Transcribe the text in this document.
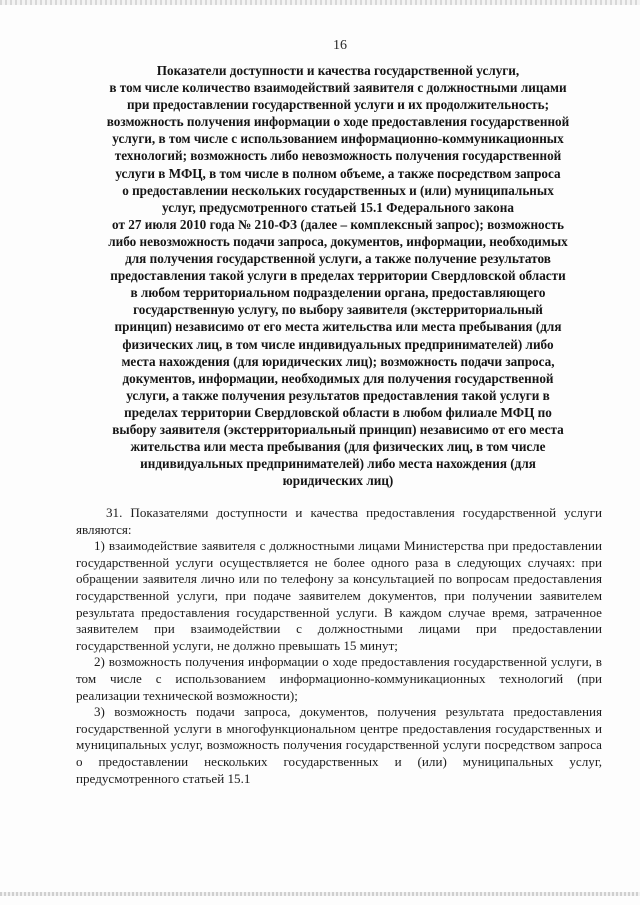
16
Показатели доступности и качества государственной услуги,
в том числе количество взаимодействий заявителя с должностными лицами
при предоставлении государственной услуги и их продолжительность;
возможность получения информации о ходе предоставления государственной
услуги, в том числе с использованием информационно-коммуникационных
технологий; возможность либо невозможность получения государственной
услуги в МФЦ, в том числе в полном объеме, а также посредством запроса
о предоставлении нескольких государственных и (или) муниципальных
услуг, предусмотренного статьей 15.1 Федерального закона
от 27 июля 2010 года № 210-ФЗ (далее – комплексный запрос); возможность
либо невозможность подачи запроса, документов, информации, необходимых
для получения государственной услуги, а также получение результатов
предоставления такой услуги в пределах территории Свердловской области
в любом территориальном подразделении органа, предоставляющего
государственную услугу, по выбору заявителя (экстерриториальный
принцип) независимо от его места жительства или места пребывания (для
физических лиц, в том числе индивидуальных предпринимателей) либо
места нахождения (для юридических лиц); возможность подачи запроса,
документов, информации, необходимых для получения государственной
услуги, а также получения результатов предоставления такой услуги в
пределах территории Свердловской области в любом филиале МФЦ по
выбору заявителя (экстерриториальный принцип) независимо от его места
жительства или места пребывания (для физических лиц, в том числе
индивидуальных предпринимателей) либо места нахождения (для
юридических лиц)

31. Показателями доступности и качества предоставления государственной услуги являются:

1) взаимодействие заявителя с должностными лицами Министерства при предоставлении государственной услуги осуществляется не более одного раза в следующих случаях: при обращении заявителя лично или по телефону за консультацией по вопросам предоставления государственной услуги, при подаче заявителем документов, при получении заявителем результата предоставления государственной услуги. В каждом случае время, затраченное заявителем при взаимодействии с должностными лицами при предоставлении государственной услуги, не должно превышать 15 минут;

2) возможность получения информации о ходе предоставления государственной услуги, в том числе с использованием информационно-коммуникационных технологий (при реализации технической возможности);

3) возможность подачи запроса, документов, получения результата предоставления государственной услуги в многофункциональном центре предоставления государственных и муниципальных услуг, возможность получения государственной услуги посредством запроса о предоставлении нескольких государственных и (или) муниципальных услуг, предусмотренного статьей 15.1
